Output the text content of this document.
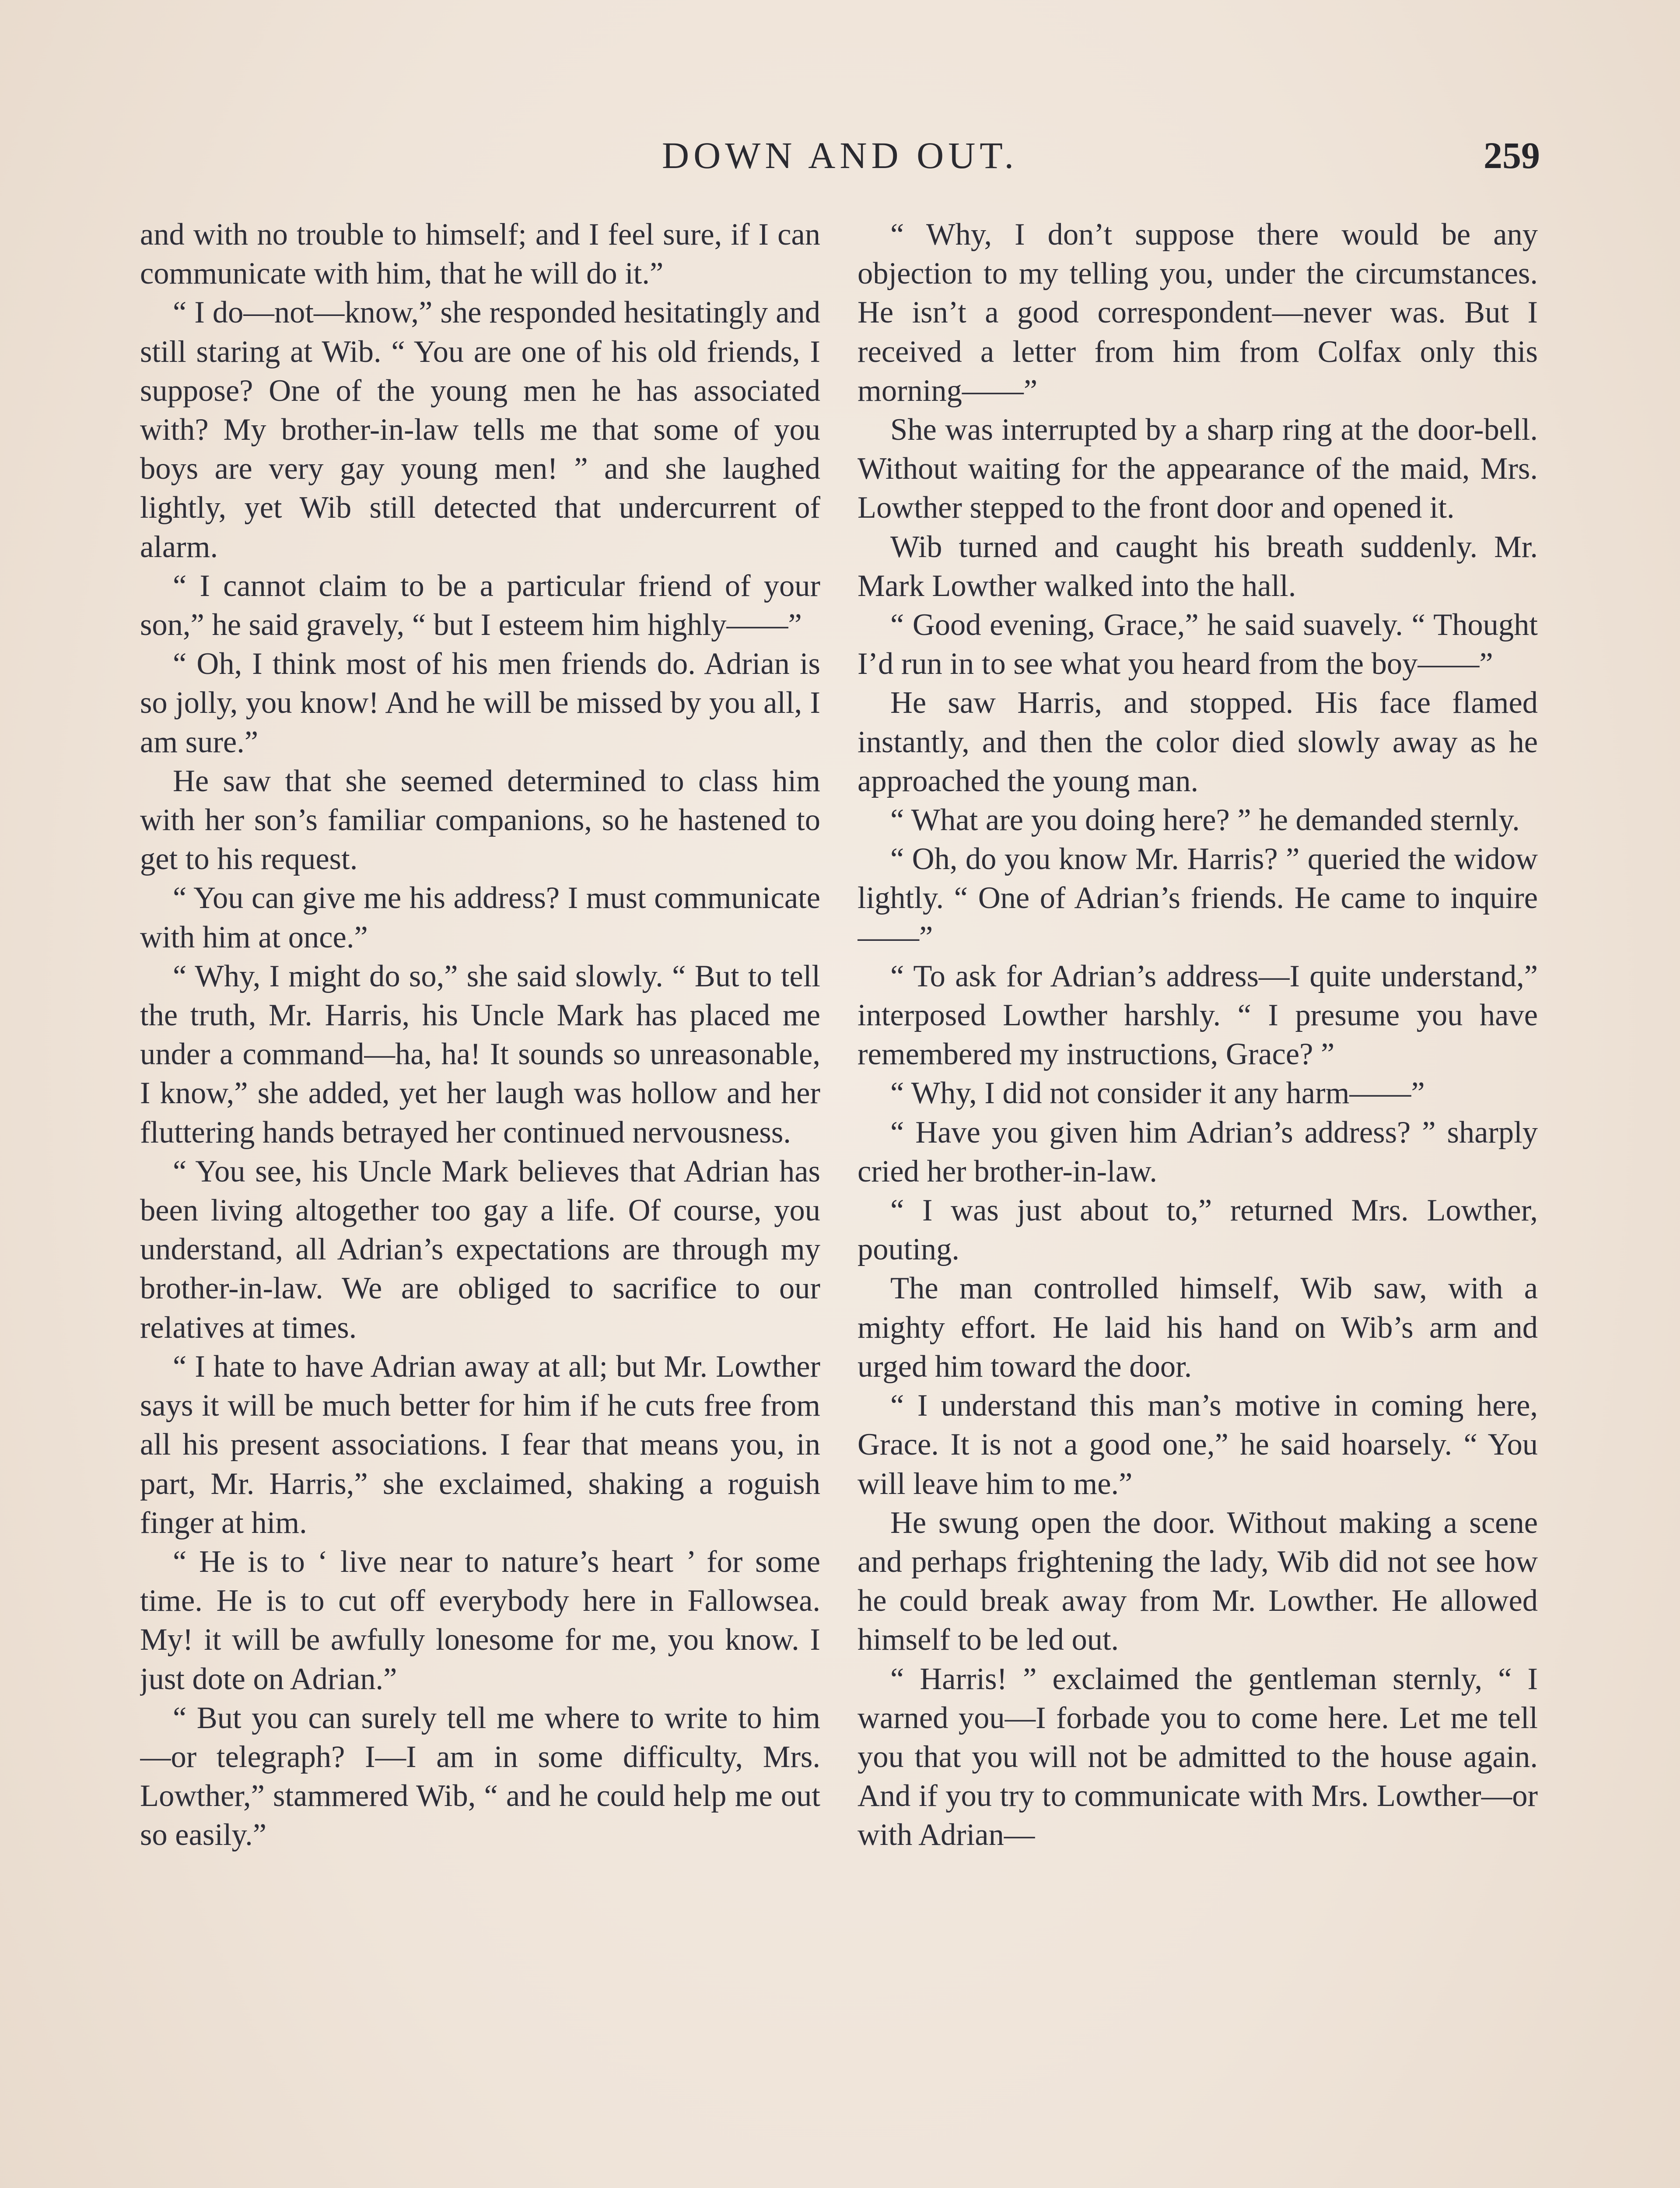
DOWN AND OUT.	259

and with no trouble to himself; and I feel sure, if I can communicate with him, that he will do it.”

“ I do—not—know,” she responded hesitatingly and still staring at Wib. “ You are one of his old friends, I suppose? One of the young men he has associated with? My brother-in-law tells me that some of you boys are very gay young men! ” and she laughed lightly, yet Wib still detected that undercurrent of alarm.

“ I cannot claim to be a particular friend of your son,” he said gravely, “ but I esteem him highly——”

“ Oh, I think most of his men friends do. Adrian is so jolly, you know! And he will be missed by you all, I am sure.”

He saw that she seemed determined to class him with her son’s familiar companions, so he hastened to get to his request.

“ You can give me his address? I must communicate with him at once.”

“ Why, I might do so,” she said slowly. “ But to tell the truth, Mr. Harris, his Uncle Mark has placed me under a command—ha, ha! It sounds so unreasonable, I know,” she added, yet her laugh was hollow and her fluttering hands betrayed her continued nervousness.

“ You see, his Uncle Mark believes that Adrian has been living altogether too gay a life. Of course, you understand, all Adrian’s expectations are through my brother-in-law. We are obliged to sacrifice to our relatives at times.

“ I hate to have Adrian away at all; but Mr. Lowther says it will be much better for him if he cuts free from all his present associations. I fear that means you, in part, Mr. Harris,” she exclaimed, shaking a roguish finger at him.

“ He is to ‘ live near to nature’s heart ’ for some time. He is to cut off everybody here in Fallowsea. My! it will be awfully lonesome for me, you know. I just dote on Adrian.”

“ But you can surely tell me where to write to him—or telegraph? I—I am in some difficulty, Mrs. Lowther,” stammered Wib, “ and he could help me out so easily.”

“ Why, I don’t suppose there would be any objection to my telling you, under the circumstances. He isn’t a good correspondent—never was. But I received a letter from him from Colfax only this morning——”

She was interrupted by a sharp ring at the door-bell. Without waiting for the appearance of the maid, Mrs. Lowther stepped to the front door and opened it.

Wib turned and caught his breath suddenly. Mr. Mark Lowther walked into the hall.

“ Good evening, Grace,” he said suavely. “ Thought I’d run in to see what you heard from the boy——”

He saw Harris, and stopped. His face flamed instantly, and then the color died slowly away as he approached the young man.

“ What are you doing here? ” he demanded sternly.

“ Oh, do you know Mr. Harris? ” queried the widow lightly. “ One of Adrian’s friends. He came to inquire——”

“ To ask for Adrian’s address—I quite understand,” interposed Lowther harshly. “ I presume you have remembered my instructions, Grace? ”

“ Why, I did not consider it any harm——”

“ Have you given him Adrian’s address? ” sharply cried her brother-in-law.

“ I was just about to,” returned Mrs. Lowther, pouting.

The man controlled himself, Wib saw, with a mighty effort. He laid his hand on Wib’s arm and urged him toward the door.

“ I understand this man’s motive in coming here, Grace. It is not a good one,” he said hoarsely. “ You will leave him to me.”

He swung open the door. Without making a scene and perhaps frightening the lady, Wib did not see how he could break away from Mr. Lowther. He allowed himself to be led out.

“ Harris! ” exclaimed the gentleman sternly, “ I warned you—I forbade you to come here. Let me tell you that you will not be admitted to the house again. And if you try to communicate with Mrs. Lowther—or with Adrian—
